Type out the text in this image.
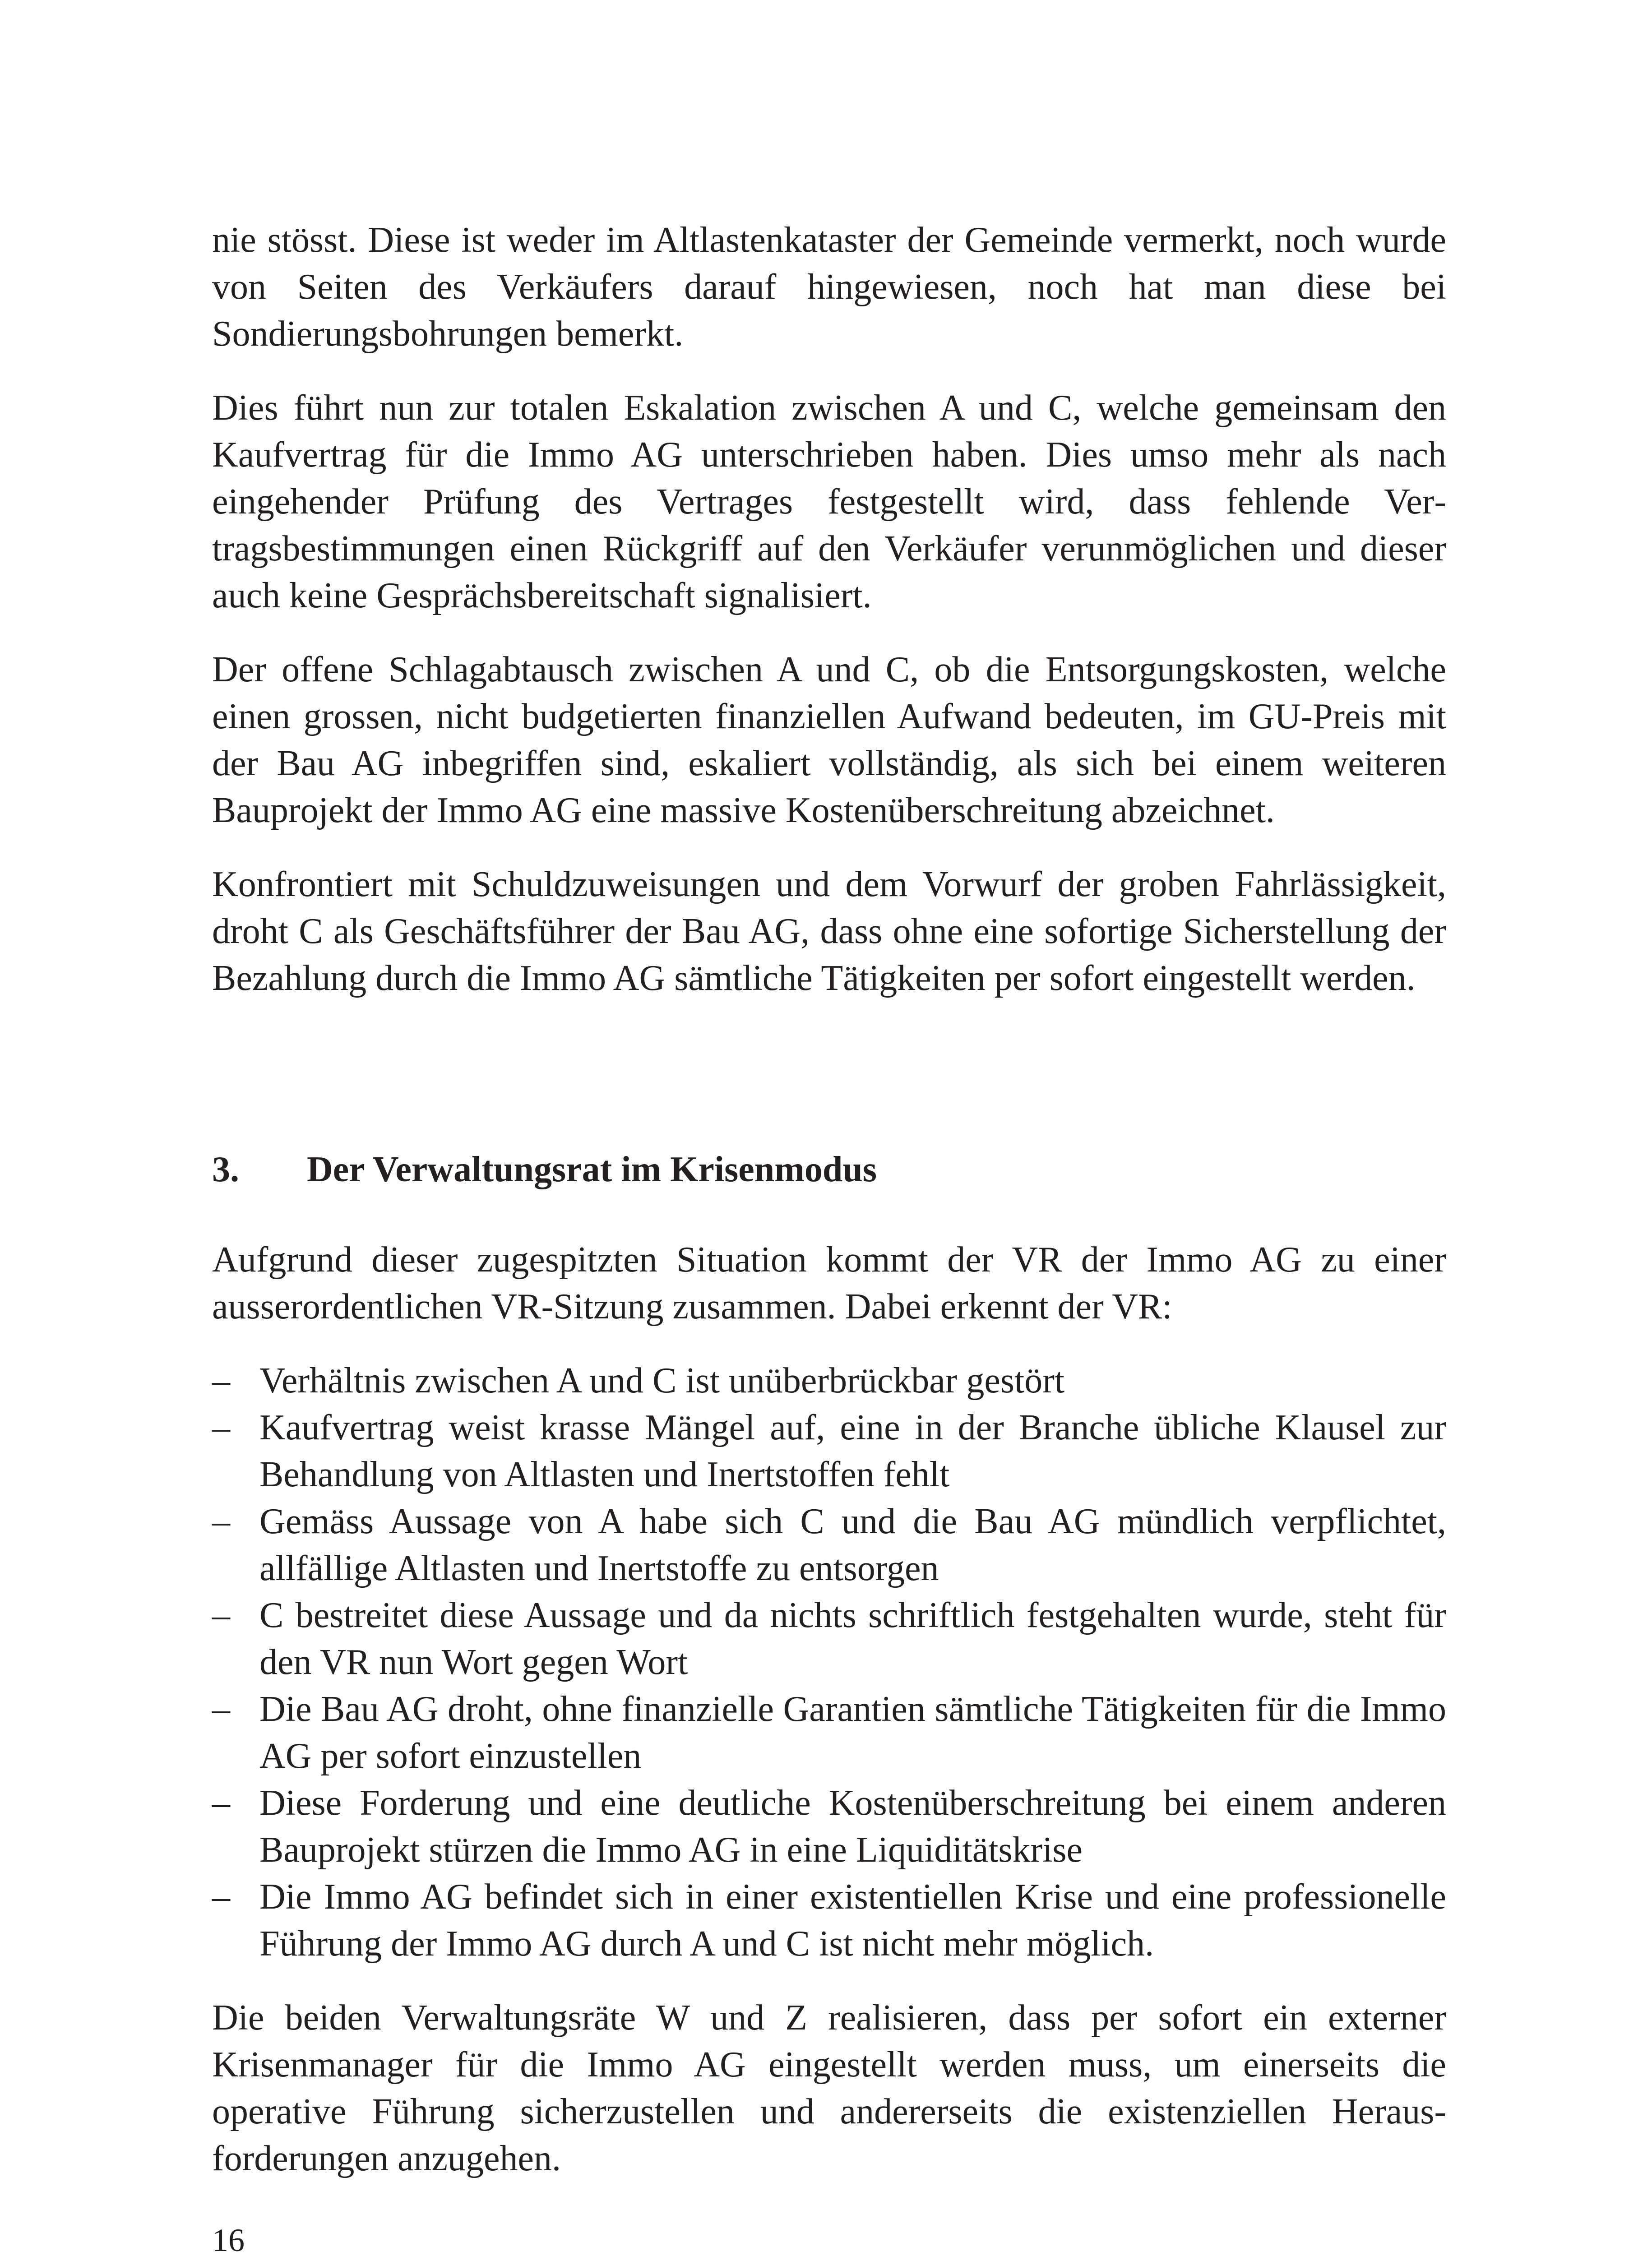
nie stösst. Diese ist weder im Altlastenkataster der Gemeinde vermerkt, noch wurde von Seiten des Verkäufers darauf hingewiesen, noch hat man diese bei Sondierungsbohrungen bemerkt.

Dies führt nun zur totalen Eskalation zwischen A und C, welche gemeinsam den Kaufvertrag für die Immo AG unterschrieben haben. Dies umso mehr als nach eingehender Prüfung des Vertrages festgestellt wird, dass fehlende Vertragsbestimmungen einen Rückgriff auf den Verkäufer verunmöglichen und dieser auch keine Gesprächsbereitschaft signalisiert.

Der offene Schlagabtausch zwischen A und C, ob die Entsorgungskosten, welche einen grossen, nicht budgetierten finanziellen Aufwand bedeuten, im GU-Preis mit der Bau AG inbegriffen sind, eskaliert vollständig, als sich bei einem weiteren Bauprojekt der Immo AG eine massive Kostenüberschreitung abzeichnet.

Konfrontiert mit Schuldzuweisungen und dem Vorwurf der groben Fahrlässigkeit, droht C als Geschäftsführer der Bau AG, dass ohne eine sofortige Sicherstellung der Bezahlung durch die Immo AG sämtliche Tätigkeiten per sofort eingestellt werden.

3.	Der Verwaltungsrat im Krisenmodus

Aufgrund dieser zugespitzten Situation kommt der VR der Immo AG zu einer ausserordentlichen VR-Sitzung zusammen. Dabei erkennt der VR:

– Verhältnis zwischen A und C ist unüberbrückbar gestört
– Kaufvertrag weist krasse Mängel auf, eine in der Branche übliche Klausel zur Behandlung von Altlasten und Inertstoffen fehlt
– Gemäss Aussage von A habe sich C und die Bau AG mündlich verpflichtet, allfällige Altlasten und Inertstoffe zu entsorgen
– C bestreitet diese Aussage und da nichts schriftlich festgehalten wurde, steht für den VR nun Wort gegen Wort
– Die Bau AG droht, ohne finanzielle Garantien sämtliche Tätigkeiten für die Immo AG per sofort einzustellen
– Diese Forderung und eine deutliche Kostenüberschreitung bei einem anderen Bauprojekt stürzen die Immo AG in eine Liquiditätskrise
– Die Immo AG befindet sich in einer existentiellen Krise und eine professionelle Führung der Immo AG durch A und C ist nicht mehr möglich.

Die beiden Verwaltungsräte W und Z realisieren, dass per sofort ein externer Krisenmanager für die Immo AG eingestellt werden muss, um einerseits die operative Führung sicherzustellen und andererseits die existenziellen Herausforderungen anzugehen.

16
